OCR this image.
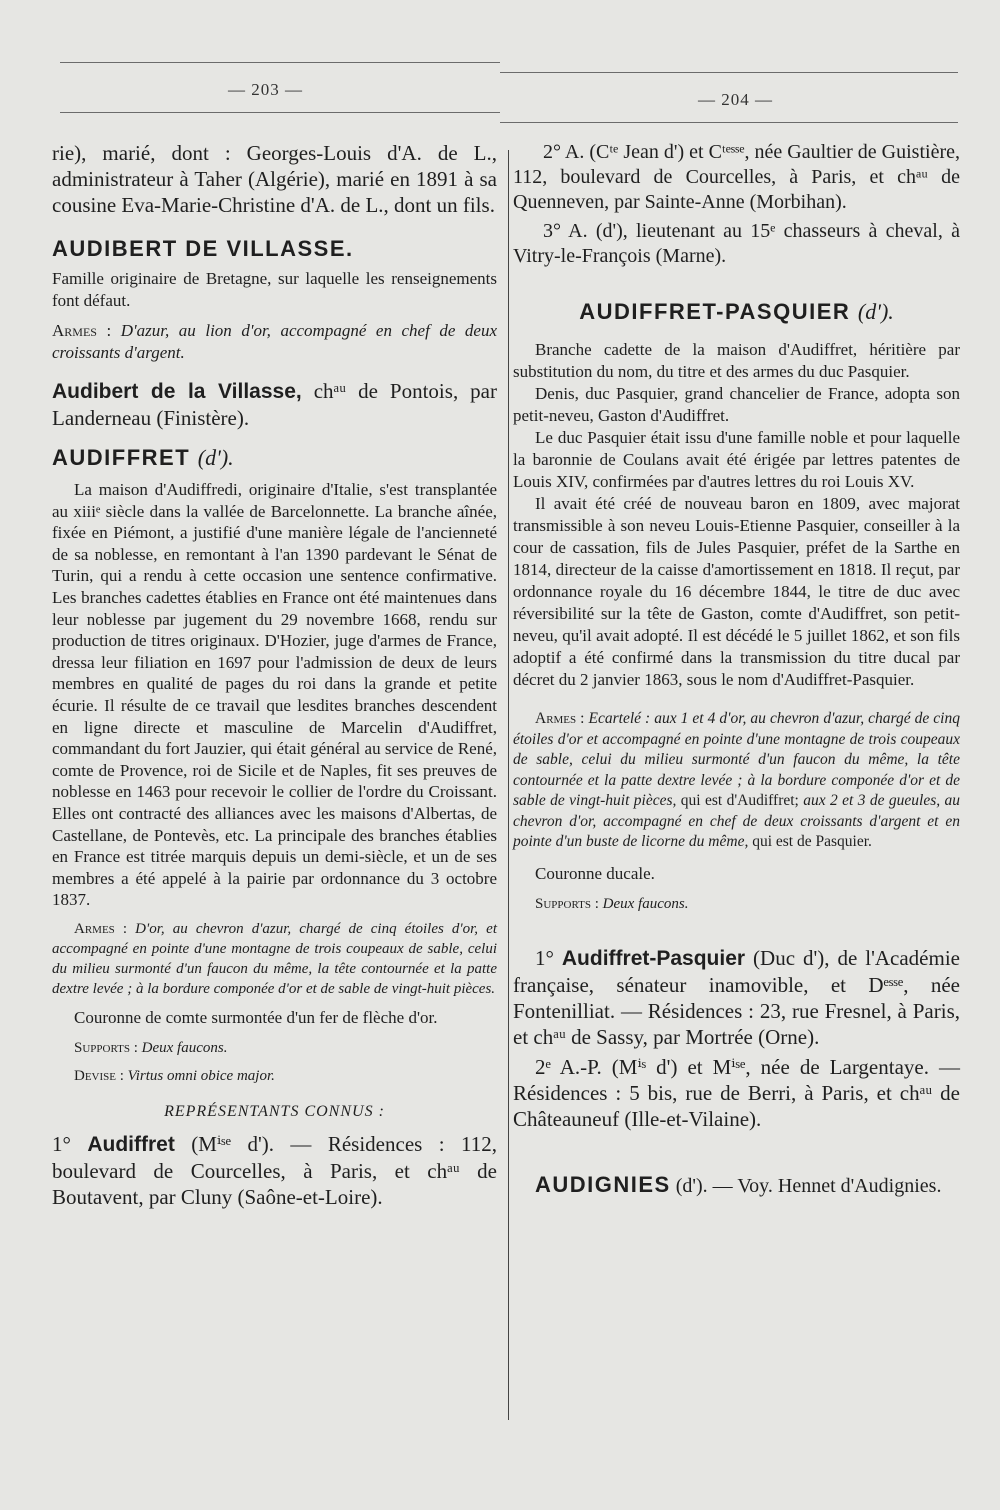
— 203 —
— 204 —

rie), marié, dont : Georges-Louis d'A. de L., administrateur à Taher (Algérie), marié en 1891 à sa cousine Eva-Marie-Christine d'A. de L., dont un fils.

AUDIBERT DE VILLASSE.

Famille originaire de Bretagne, sur laquelle les renseignements font défaut.

Armes : D'azur, au lion d'or, accompagné en chef de deux croissants d'argent.

Audibert de la Villasse, chᵃᵘ de Pontois, par Landerneau (Finistère).

AUDIFFRET (d').

La maison d'Audiffredi, originaire d'Italie, s'est transplantée au xiiiᵉ siècle dans la vallée de Barcelonnette. La branche aînée, fixée en Piémont, a justifié d'une manière légale de l'ancienneté de sa noblesse, en remontant à l'an 1390 pardevant le Sénat de Turin, qui a rendu à cette occasion une sentence confirmative. Les branches cadettes établies en France ont été maintenues dans leur noblesse par jugement du 29 novembre 1668, rendu sur production de titres originaux. D'Hozier, juge d'armes de France, dressa leur filiation en 1697 pour l'admission de deux de leurs membres en qualité de pages du roi dans la grande et petite écurie. Il résulte de ce travail que lesdites branches descendent en ligne directe et masculine de Marcelin d'Audiffret, commandant du fort Jauzier, qui était général au service de René, comte de Provence, roi de Sicile et de Naples, fit ses preuves de noblesse en 1463 pour recevoir le collier de l'ordre du Croissant. Elles ont contracté des alliances avec les maisons d'Albertas, de Castellane, de Pontevès, etc. La principale des branches établies en France est titrée marquis depuis un demi-siècle, et un de ses membres a été appelé à la pairie par ordonnance du 3 octobre 1837.

Armes : D'or, au chevron d'azur, chargé de cinq étoiles d'or, et accompagné en pointe d'une montagne de trois coupeaux de sable, celui du milieu surmonté d'un faucon du même, la tête contournée et la patte dextre levée ; à la bordure componée d'or et de sable de vingt-huit pièces.

Couronne de comte surmontée d'un fer de flèche d'or.

Supports : Deux faucons.

Devise : Virtus omni obice major.

REPRÉSENTANTS CONNUS :

1° Audiffret (Mⁱˢᵉ d'). — Résidences : 112, boulevard de Courcelles, à Paris, et chᵃᵘ de Boutavent, par Cluny (Saône-et-Loire).

2° A. (Cᵗᵉ Jean d') et Cᵗᵉˢˢᵉ, née Gaultier de Guistière, 112, boulevard de Courcelles, à Paris, et chᵃᵘ de Quenneven, par Sainte-Anne (Morbihan).

3° A. (d'), lieutenant au 15ᵉ chasseurs à cheval, à Vitry-le-François (Marne).

AUDIFFRET-PASQUIER (d').

Branche cadette de la maison d'Audiffret, héritière par substitution du nom, du titre et des armes du duc Pasquier.

Denis, duc Pasquier, grand chancelier de France, adopta son petit-neveu, Gaston d'Audiffret.

Le duc Pasquier était issu d'une famille noble et pour laquelle la baronnie de Coulans avait été érigée par lettres patentes de Louis XIV, confirmées par d'autres lettres du roi Louis XV.

Il avait été créé de nouveau baron en 1809, avec majorat transmissible à son neveu Louis-Etienne Pasquier, conseiller à la cour de cassation, fils de Jules Pasquier, préfet de la Sarthe en 1814, directeur de la caisse d'amortissement en 1818. Il reçut, par ordonnance royale du 16 décembre 1844, le titre de duc avec réversibilité sur la tête de Gaston, comte d'Audiffret, son petit-neveu, qu'il avait adopté. Il est décédé le 5 juillet 1862, et son fils adoptif a été confirmé dans la transmission du titre ducal par décret du 2 janvier 1863, sous le nom d'Audiffret-Pasquier.

Armes : Ecartelé : aux 1 et 4 d'or, au chevron d'azur, chargé de cinq étoiles d'or et accompagné en pointe d'une montagne de trois coupeaux de sable, celui du milieu surmonté d'un faucon du même, la tête contournée et la patte dextre levée ; à la bordure componée d'or et de sable de vingt-huit pièces, qui est d'Audiffret; aux 2 et 3 de gueules, au chevron d'or, accompagné en chef de deux croissants d'argent et en pointe d'un buste de licorne du même, qui est de Pasquier.

Couronne ducale.

Supports : Deux faucons.

1° Audiffret-Pasquier (Duc d'), de l'Académie française, sénateur inamovible, et Dᵉˢˢᵉ, née Fontenilliat. — Résidences : 23, rue Fresnel, à Paris, et chᵃᵘ de Sassy, par Mortrée (Orne).

2ᵉ A.-P. (Mⁱˢ d') et Mⁱˢᵉ, née de Largentaye. — Résidences : 5 bis, rue de Berri, à Paris, et chᵃᵘ de Châteauneuf (Ille-et-Vilaine).

AUDIGNIES (d'). — Voy. Hennet d'Audignies.
